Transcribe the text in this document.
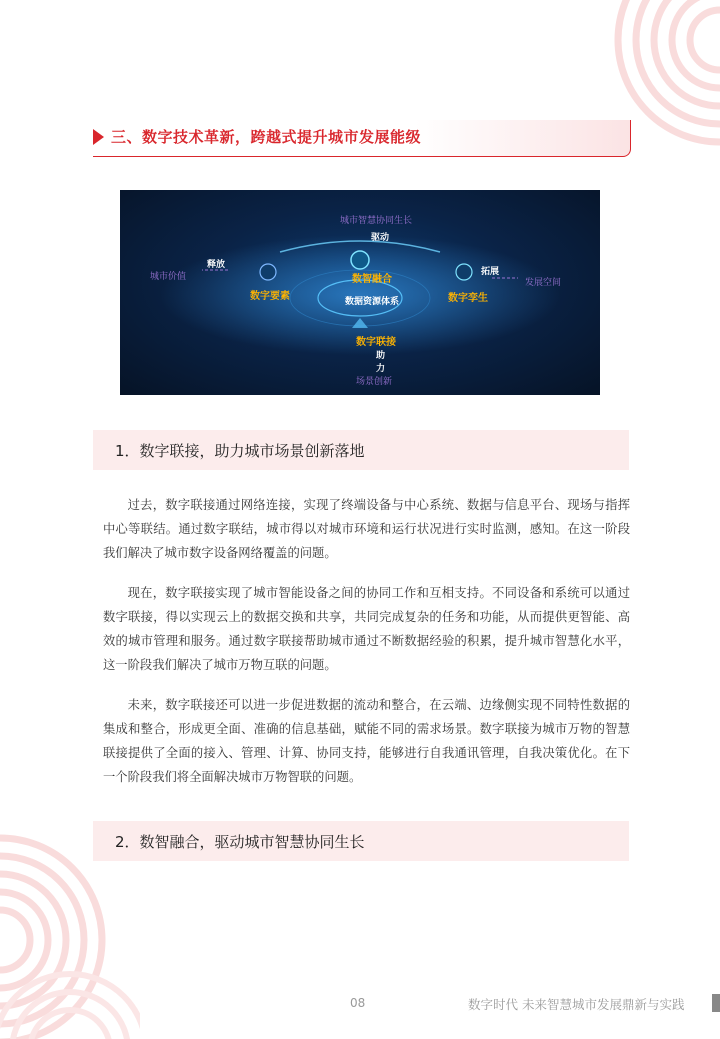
三、数字技术革新，跨越式提升城市发展能级
城市智慧协同生长
驱动
城市价值
释放
数字要素
数智融合
数据资源体系	数字孪生
拓展
发展空间
数字联接
助
力
场景创新
1．数字联接，助力城市场景创新落地

过去，数字联接通过网络连接，实现了终端设备与中心系统、数据与信息平台、现场与指挥中心等联结。通过数字联结，城市得以对城市环境和运行状况进行实时监测，感知。在这一阶段我们解决了城市数字设备网络覆盖的问题。

现在，数字联接实现了城市智能设备之间的协同工作和互相支持。不同设备和系统可以通过数字联接，得以实现云上的数据交换和共享，共同完成复杂的任务和功能，从而提供更智能、高效的城市管理和服务。通过数字联接帮助城市通过不断数据经验的积累，提升城市智慧化水平，这一阶段我们解决了城市万物互联的问题。

未来，数字联接还可以进一步促进数据的流动和整合，在云端、边缘侧实现不同特性数据的集成和整合，形成更全面、准确的信息基础，赋能不同的需求场景。数字联接为城市万物的智慧联接提供了全面的接入、管理、计算、协同支持，能够进行自我通讯管理，自我决策优化。在下一个阶段我们将全面解决城市万物智联的问题。

2．数智融合，驱动城市智慧协同生长
08	数字时代 未来智慧城市发展鼎新与实践
